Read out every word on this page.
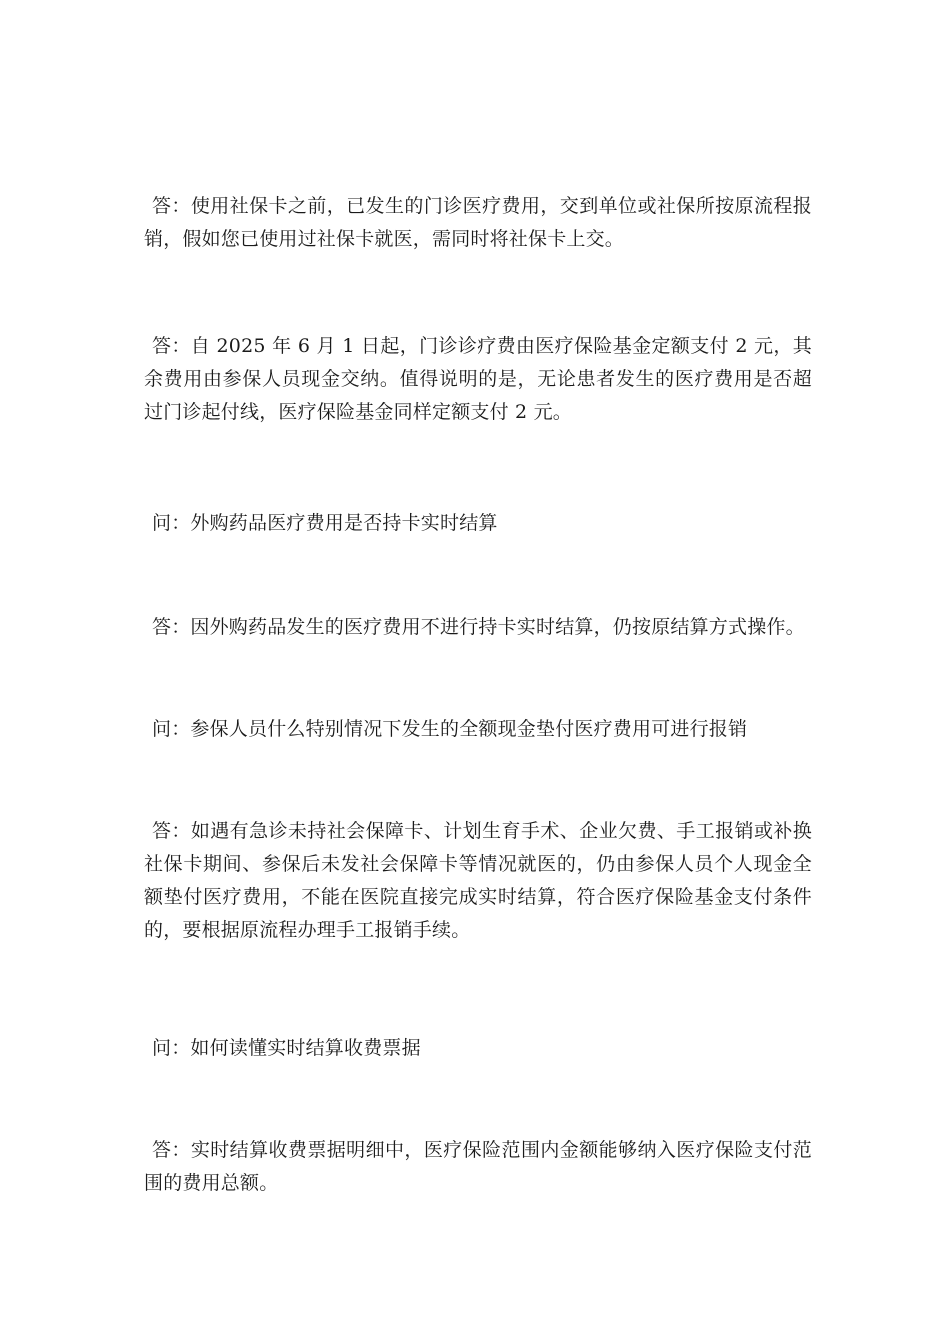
答：使用社保卡之前，已发生的门诊医疗费用，交到单位或社保所按原流程报销，假如您已使用过社保卡就医，需同时将社保卡上交。

答：自 2025 年 6 月 1 日起，门诊诊疗费由医疗保险基金定额支付 2 元，其余费用由参保人员现金交纳。值得说明的是，无论患者发生的医疗费用是否超过门诊起付线，医疗保险基金同样定额支付 2 元。

问：外购药品医疗费用是否持卡实时结算

答：因外购药品发生的医疗费用不进行持卡实时结算，仍按原结算方式操作。

问：参保人员什么特别情况下发生的全额现金垫付医疗费用可进行报销

答：如遇有急诊未持社会保障卡、计划生育手术、企业欠费、手工报销或补换社保卡期间、参保后未发社会保障卡等情况就医的，仍由参保人员个人现金全额垫付医疗费用，不能在医院直接完成实时结算，符合医疗保险基金支付条件的，要根据原流程办理手工报销手续。

问：如何读懂实时结算收费票据

答：实时结算收费票据明细中，医疗保险范围内金额能够纳入医疗保险支付范围的费用总额。
